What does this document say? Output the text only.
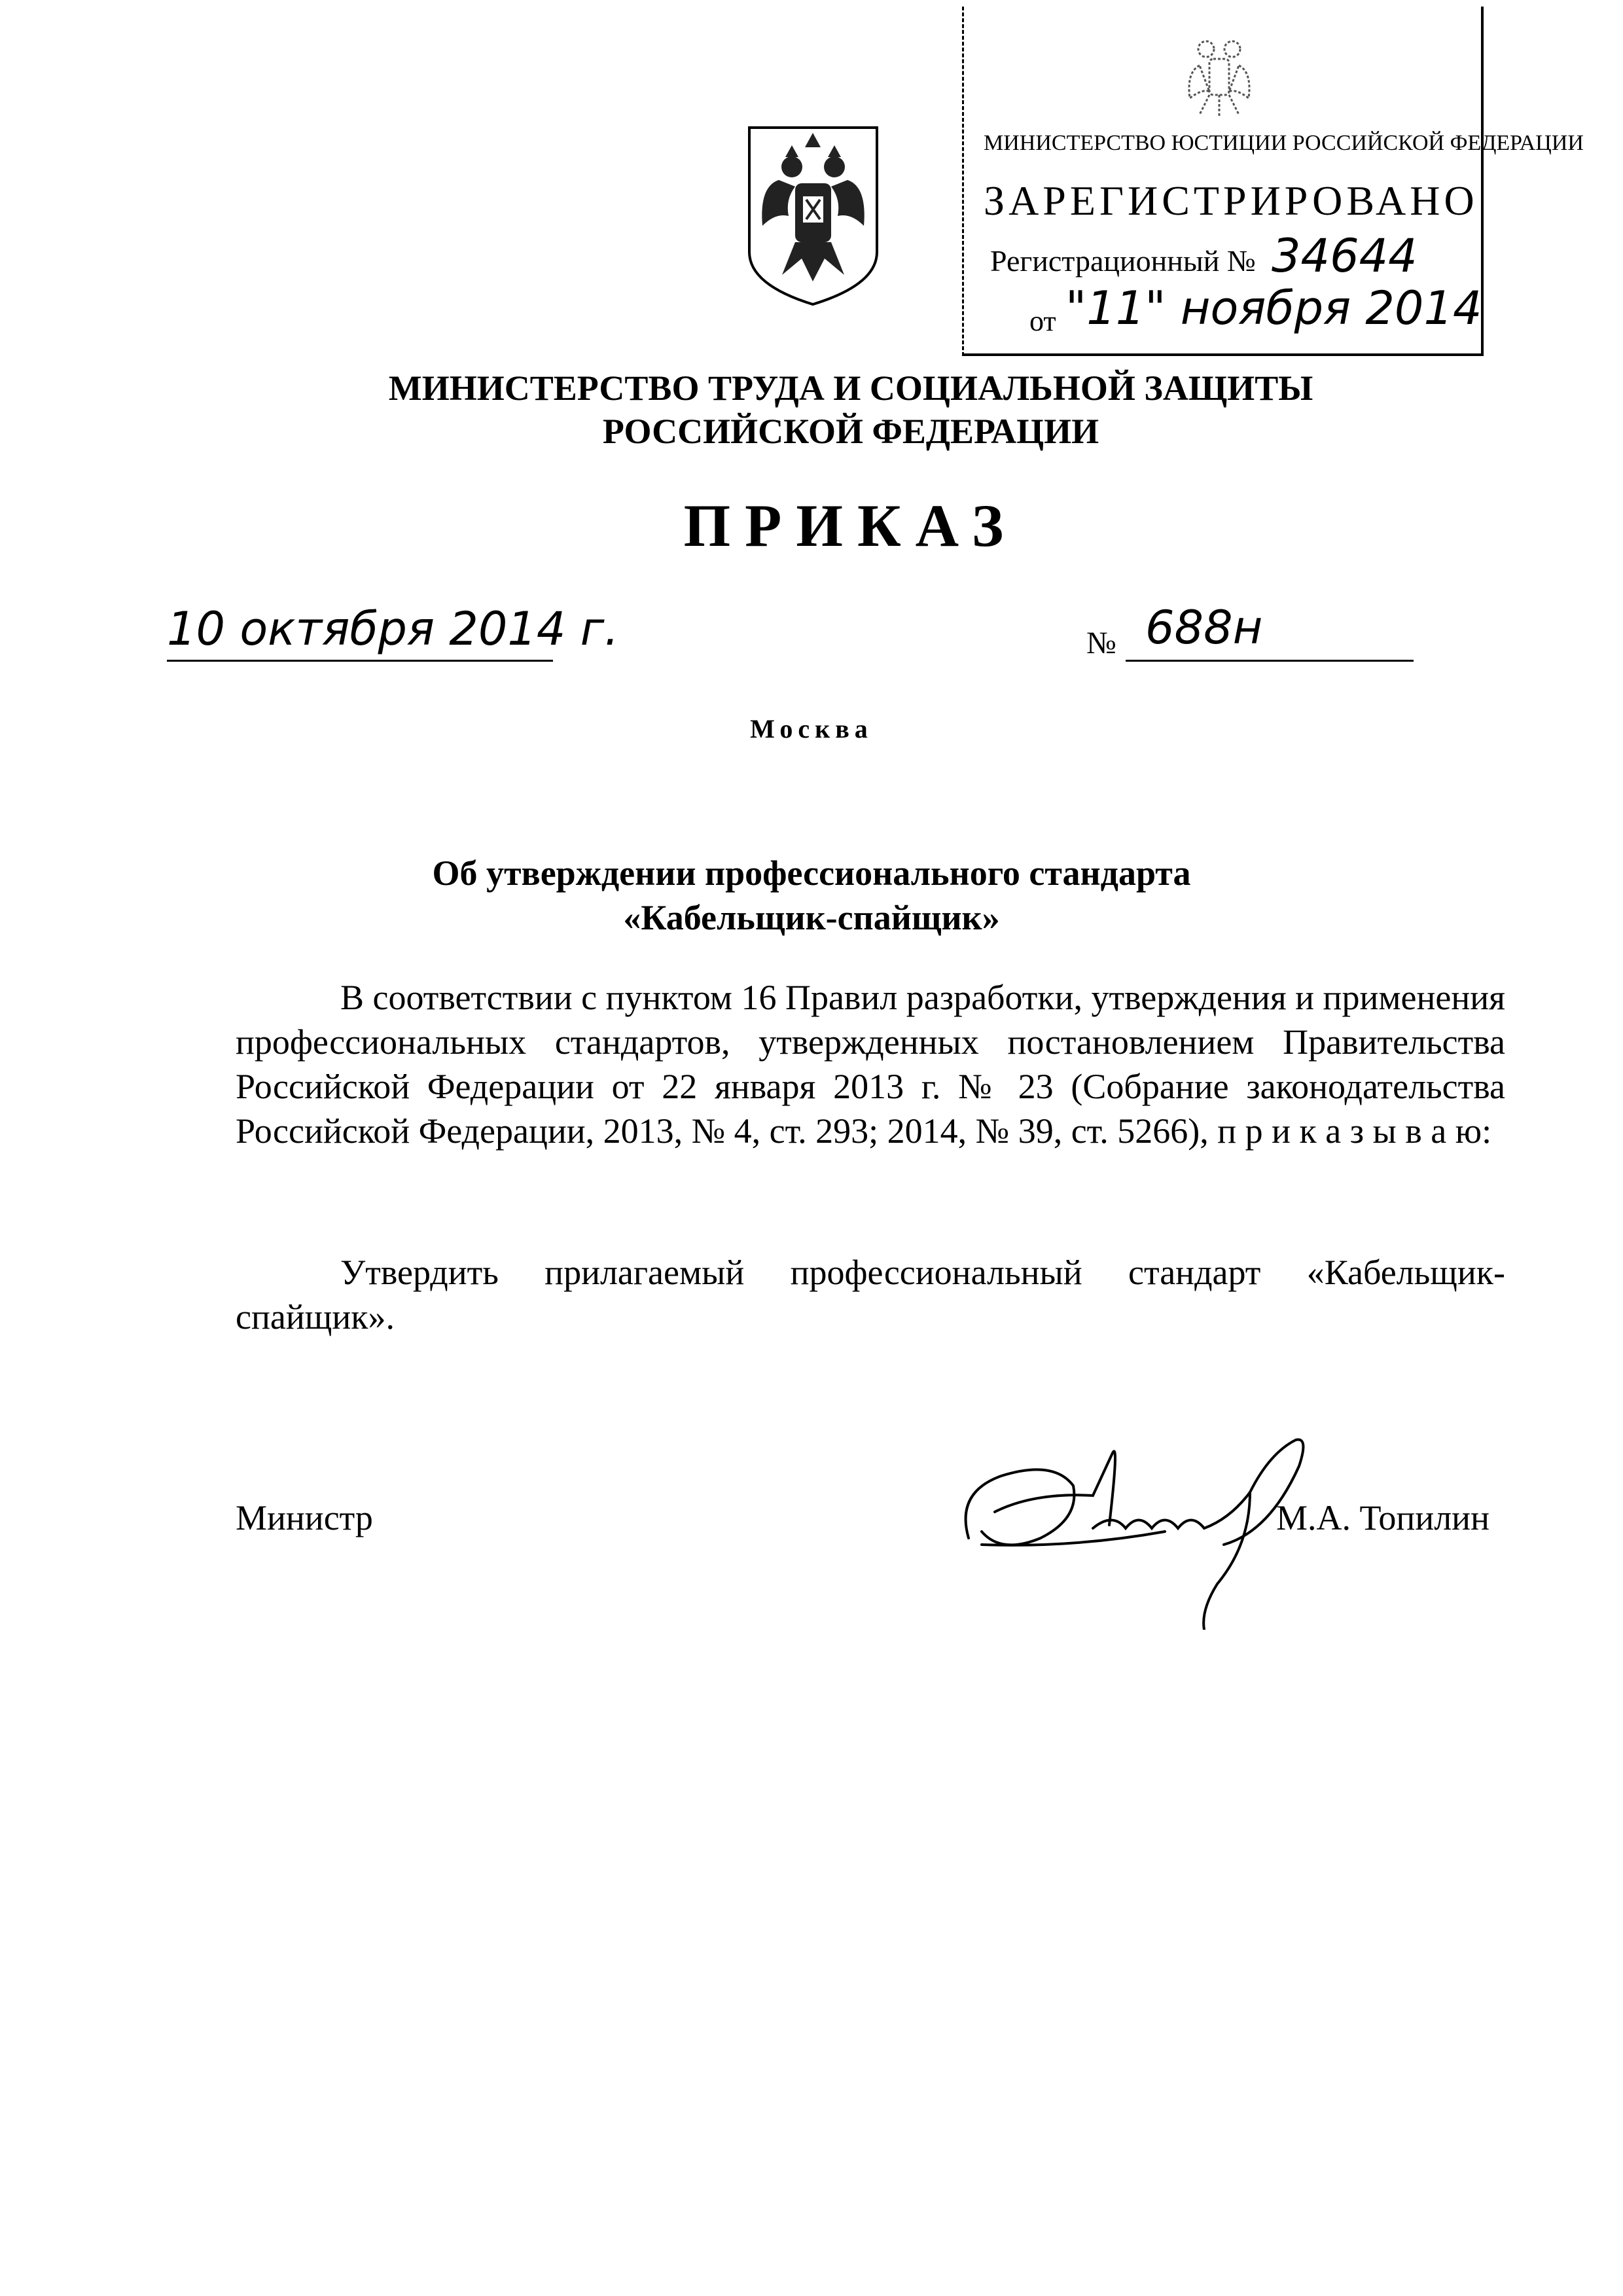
МИНИСТЕРСТВО ЮСТИЦИИ РОССИЙСКОЙ ФЕДЕРАЦИИ
ЗАРЕГИСТРИРОВАНО
Регистрационный № 34644
от "11" ноября 2014
МИНИСТЕРСТВО ТРУДА И СОЦИАЛЬНОЙ ЗАЩИТЫ
РОССИЙСКОЙ ФЕДЕРАЦИИ
ПРИКАЗ
10 октября 2014 г.	№ 688н
Москва
Об утверждении профессионального стандарта
«Кабельщик-спайщик»
В соответствии с пунктом 16 Правил разработки, утверждения и применения профессиональных стандартов, утвержденных постановлением Правительства Российской Федерации от 22 января 2013 г. № 23 (Собрание законодательства Российской Федерации, 2013, № 4, ст. 293; 2014, № 39, ст. 5266), п р и к а з ы в а ю:
Утвердить прилагаемый профессиональный стандарт «Кабельщик-спайщик».
Министр	М.А. Топилин
